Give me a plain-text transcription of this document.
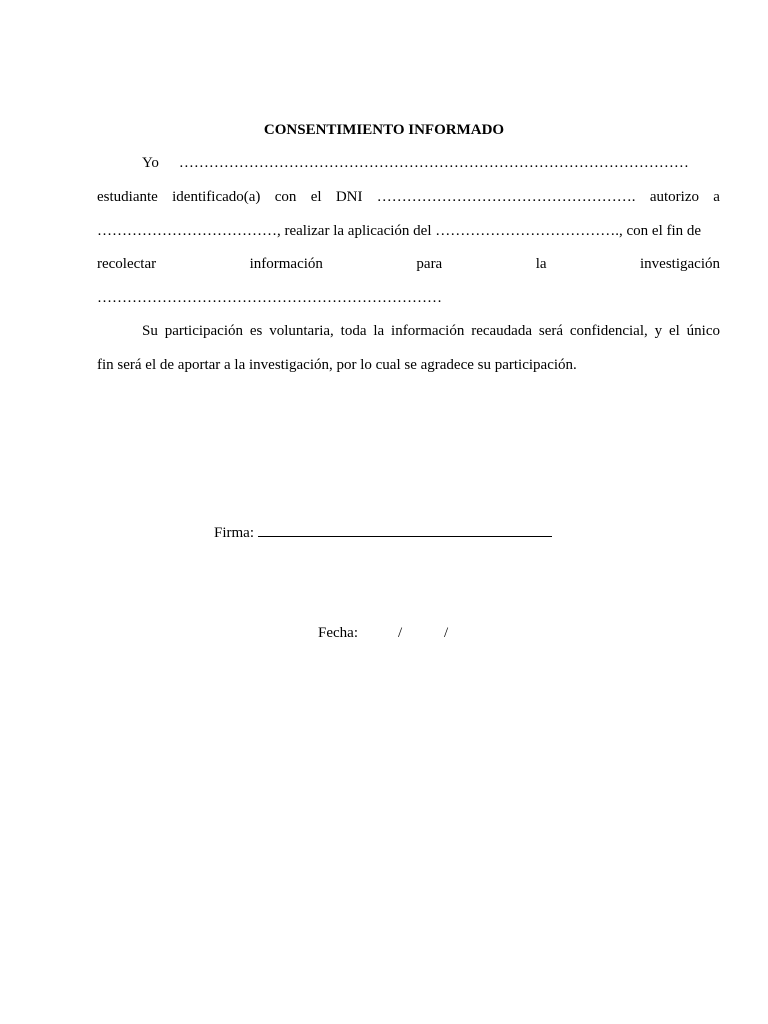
CONSENTIMIENTO INFORMADO
Yo …………………………………………………………………………………………
estudiante identificado(a) con el DNI ……………………………………………. autorizo a
………………………………, realizar la aplicación del ………………………………., con el fin de
recolectar	información	para	la	investigación
……………………………………………………………
Su participación es voluntaria, toda la información recaudada será confidencial, y el único
fin será el de aportar a la investigación, por lo cual se agradece su participación.
Firma:
Fecha:	/	/
